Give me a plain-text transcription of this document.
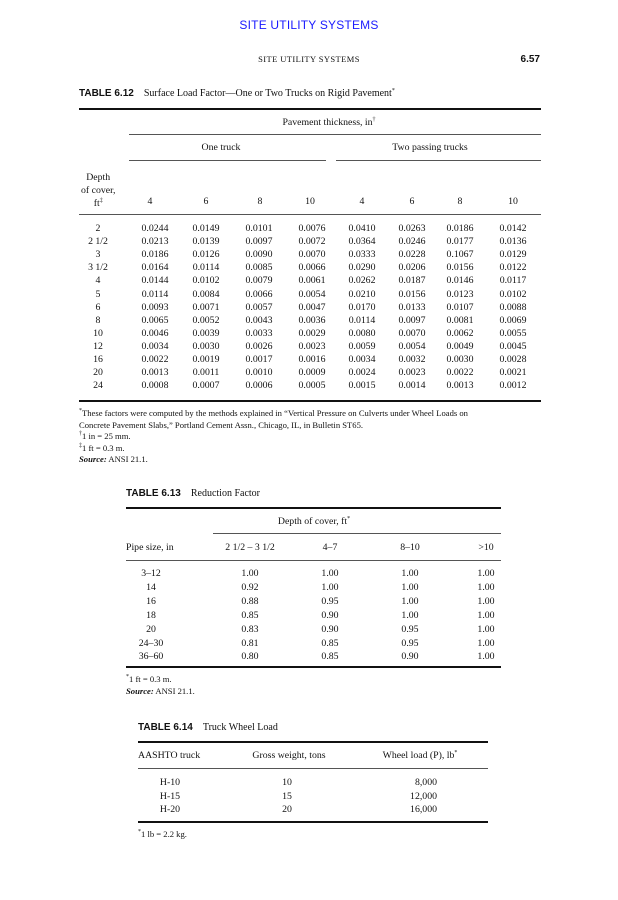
SITE UTILITY SYSTEMS
SITE UTILITY SYSTEMS	6.57
TABLE 6.12 Surface Load Factor—One or Two Trucks on Rigid Pavement*
Pavement thickness, in†
One truck	Two passing trucks
Depth
of cover,
ft‡	4	6	8	10	4	6	8	10
2	0.0244 0.0149	0.0101	0.0076 0.0410 0.0263 0.0186	0.0142
2 1/2	0.0213 0.0139	0.0097	0.0072 0.0364 0.0246 0.0177	0.0136
3	0.0186 0.0126	0.0090	0.0070 0.0333 0.0228 0.1067	0.0129
3 1/2	0.0164 0.0114	0.0085	0.0066 0.0290 0.0206 0.0156	0.0122
4	0.0144 0.0102	0.0079	0.0061 0.0262 0.0187 0.0146	0.0117
5	0.0114 0.0084	0.0066	0.0054 0.0210 0.0156 0.0123	0.0102
6	0.0093 0.0071	0.0057	0.0047 0.0170 0.0133 0.0107	0.0088
8	0.0065 0.0052	0.0043	0.0036 0.0114 0.0097 0.0081	0.0069
10	0.0046 0.0039	0.0033	0.0029 0.0080 0.0070 0.0062	0.0055
12	0.0034 0.0030	0.0026	0.0023 0.0059 0.0054 0.0049	0.0045
16	0.0022 0.0019	0.0017	0.0016 0.0034 0.0032 0.0030	0.0028
20	0.0013 0.0011	0.0010	0.0009 0.0024 0.0023 0.0022	0.0021
24	0.0008 0.0007	0.0006	0.0005 0.0015 0.0014 0.0013	0.0012
*These factors were computed by the methods explained in “Vertical Pressure on Culverts under Wheel Loads on
Concrete Pavement Slabs,” Portland Cement Assn., Chicago, IL, in Bulletin ST65.
†1 in = 25 mm.
‡1 ft = 0.3 m.
Source: ANSI 21.1.
TABLE 6.13 Reduction Factor
Depth of cover, ft*
Pipe size, in	2 1/2 – 3 1/2	4–7	8–10	>10
3–12	1.00	1.00	1.00	1.00
14	0.92	1.00	1.00	1.00
16	0.88	0.95	1.00	1.00
18	0.85	0.90	1.00	1.00
20	0.83	0.90	0.95	1.00
24–30	0.81	0.85	0.95	1.00
36–60	0.80	0.85	0.90	1.00
*1 ft = 0.3 m.
Source: ANSI 21.1.
TABLE 6.14 Truck Wheel Load
AASHTO truck	Gross weight, tons	Wheel load (P), lb*
H-10	10	8,000
H-15	15	12,000
H-20	20	16,000
*1 lb = 2.2 kg.
